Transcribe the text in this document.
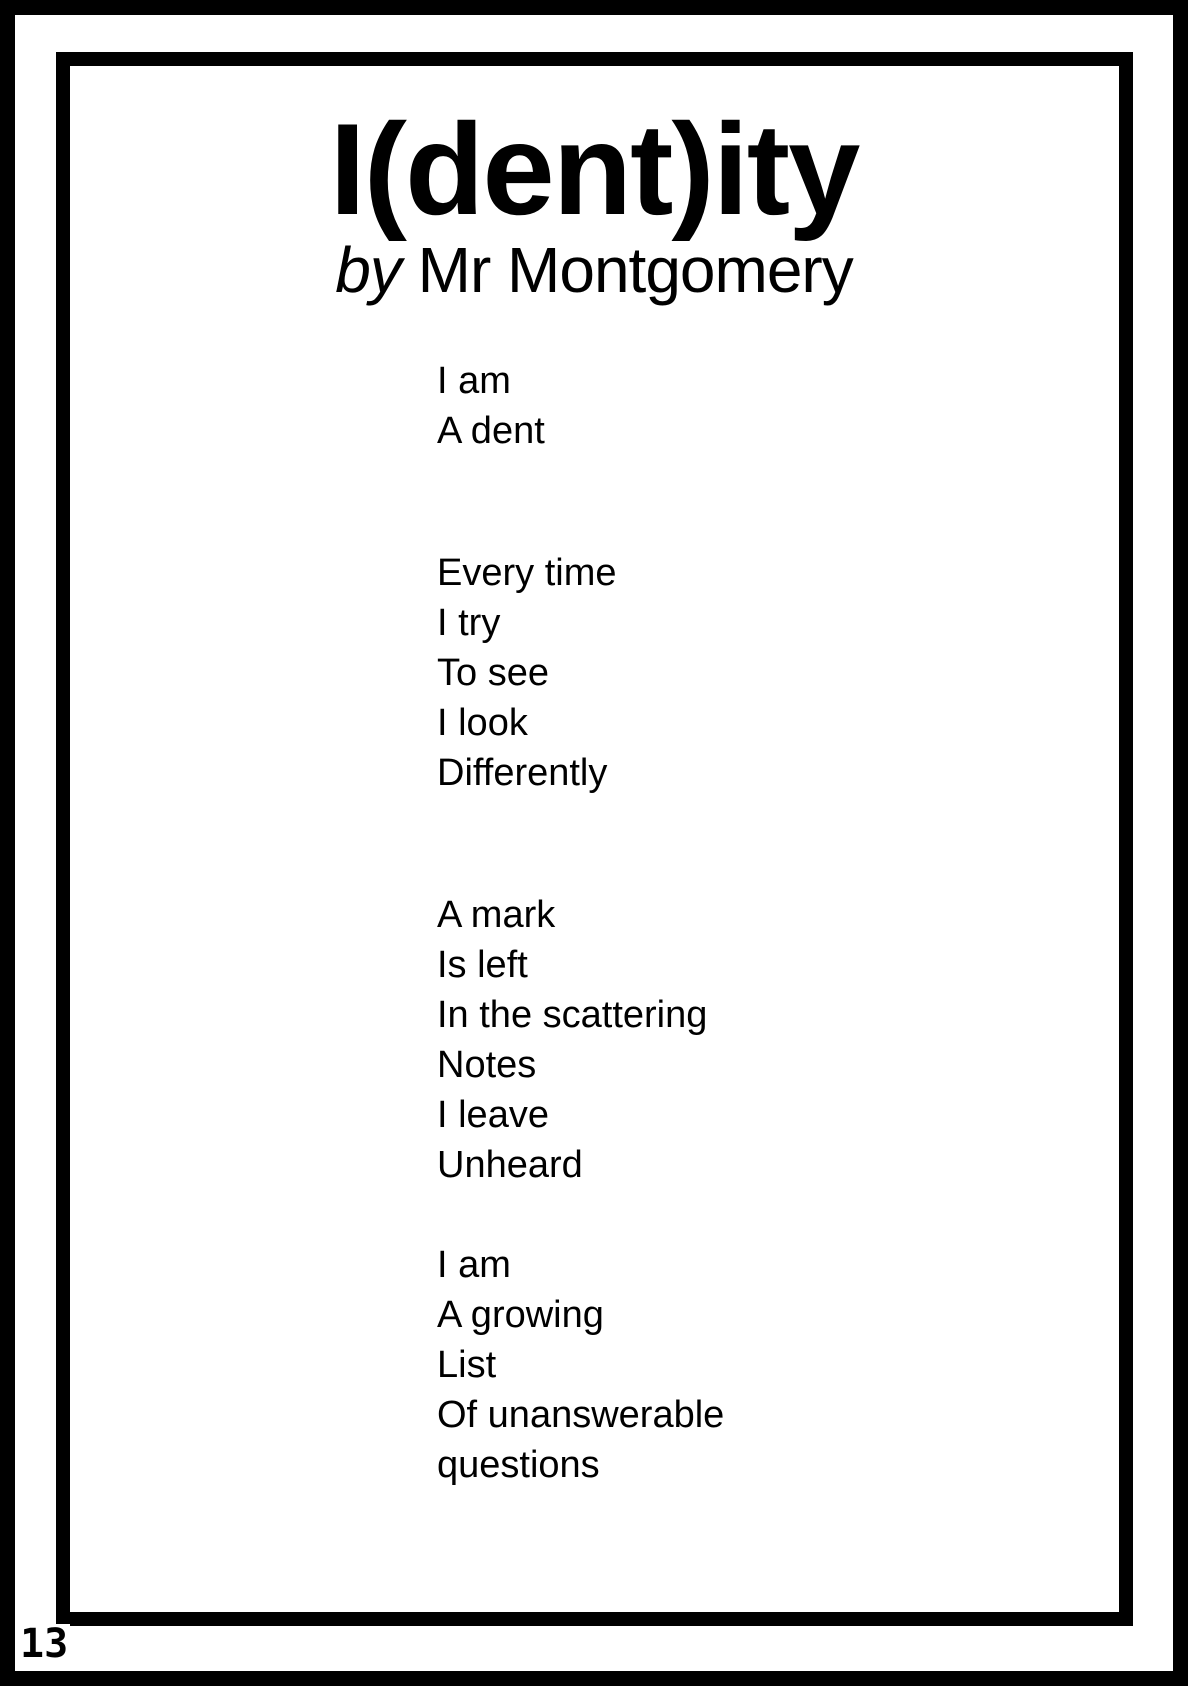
I(dent)ity
by Mr Montgomery

I am
A dent

Every time
I try
To see
I look
Differently

A mark
Is left
In the scattering
Notes
I leave
Unheard

I am
A growing
List
Of unanswerable
questions

13
